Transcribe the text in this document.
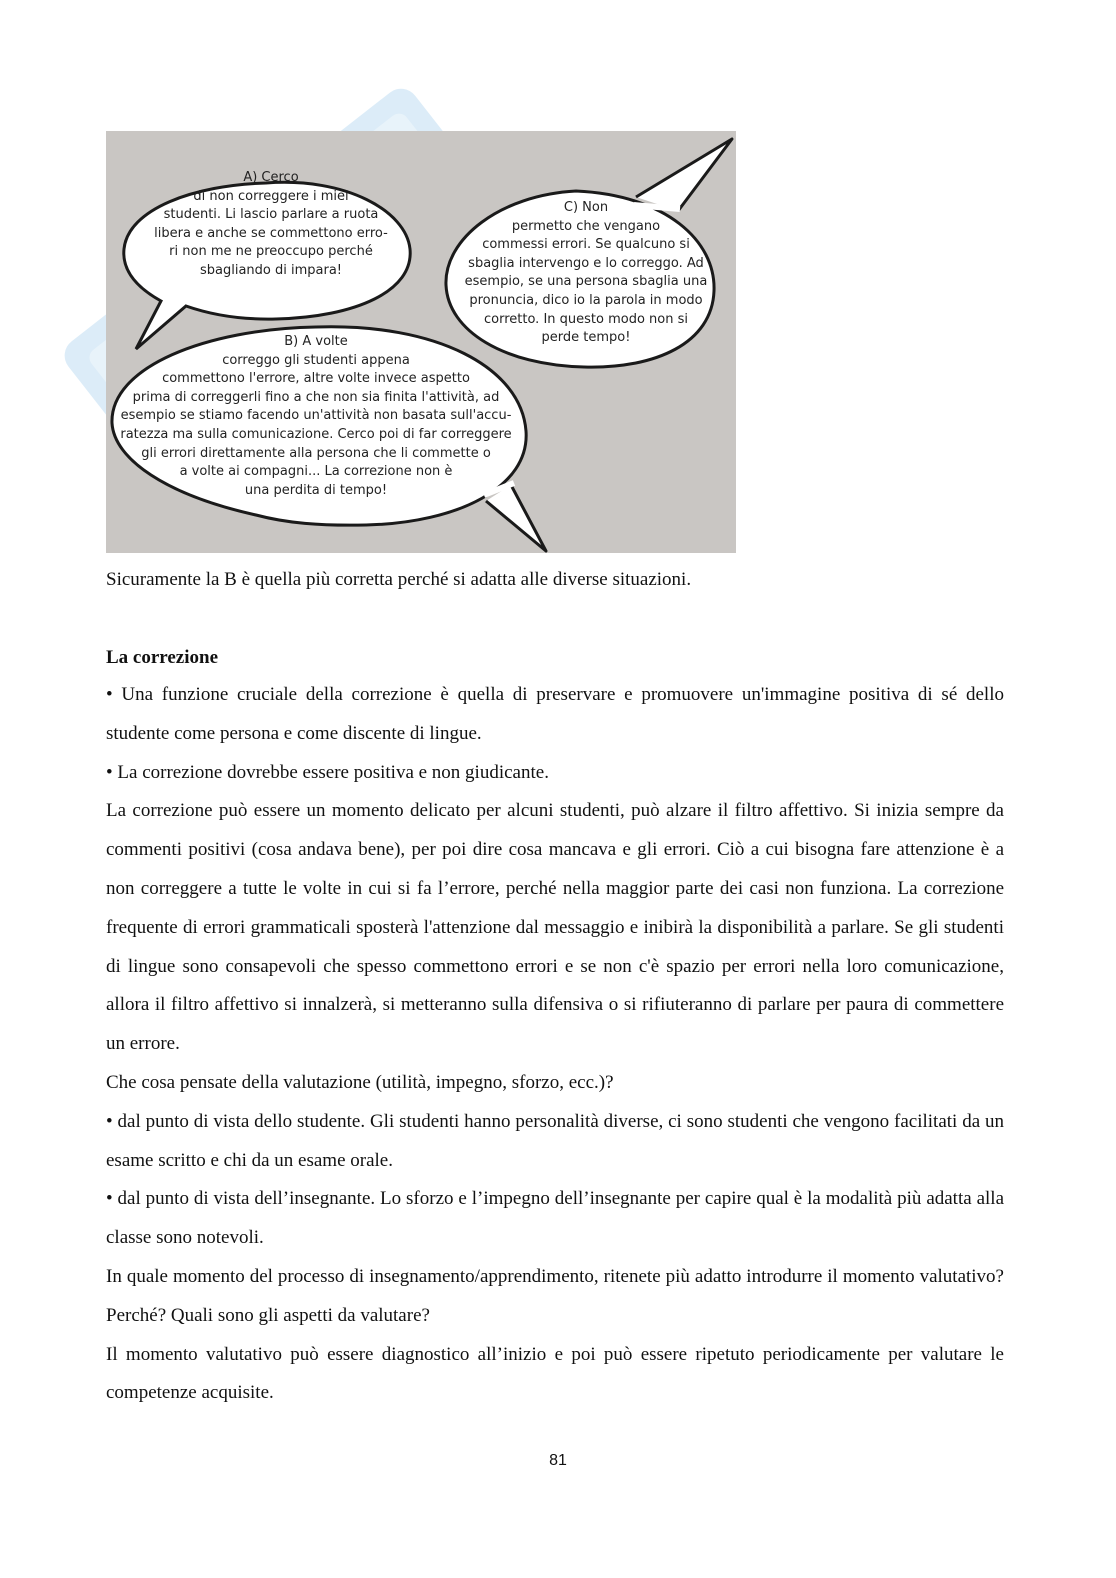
A) Cerco
di non correggere i miei
studenti. Li lascio parlare a ruota
libera e anche se commettono erro-
ri non me ne preoccupo perché
sbagliando di impara!
C) Non
permetto che vengano
commessi errori. Se qualcuno si
sbaglia intervengo e lo correggo. Ad
esempio, se una persona sbaglia una
pronuncia, dico io la parola in modo
corretto. In questo modo non si
perde tempo!
B) A volte
correggo gli studenti appena
commettono l'errore, altre volte invece aspetto
prima di correggerli fino a che non sia finita l'attività, ad
esempio se stiamo facendo un'attività non basata sull'accu-
ratezza ma sulla comunicazione. Cerco poi di far correggere
gli errori direttamente alla persona che li commette o
a volte ai compagni... La correzione non è
una perdita di tempo!
Sicuramente la B è quella più corretta perché si adatta alle diverse situazioni.
La correzione

• Una funzione cruciale della correzione è quella di preservare e promuovere un'immagine positiva di sé dello studente come persona e come discente di lingue.

• La correzione dovrebbe essere positiva e non giudicante.

La correzione può essere un momento delicato per alcuni studenti, può alzare il filtro affettivo. Si inizia sempre da commenti positivi (cosa andava bene), per poi dire cosa mancava e gli errori. Ciò a cui bisogna fare attenzione è a non correggere a tutte le volte in cui si fa l’errore, perché nella maggior parte dei casi non funziona. La correzione frequente di errori grammaticali sposterà l'attenzione dal messaggio e inibirà la disponibilità a parlare. Se gli studenti di lingue sono consapevoli che spesso commettono errori e se non c'è spazio per errori nella loro comunicazione, allora il filtro affettivo si innalzerà, si metteranno sulla difensiva o si rifiuteranno di parlare per paura di commettere un errore.

Che cosa pensate della valutazione (utilità, impegno, sforzo, ecc.)?

• dal punto di vista dello studente. Gli studenti hanno personalità diverse, ci sono studenti che vengono facilitati da un esame scritto e chi da un esame orale.

• dal punto di vista dell’insegnante. Lo sforzo e l’impegno dell’insegnante per capire qual è la modalità più adatta alla classe sono notevoli.

In quale momento del processo di insegnamento/apprendimento, ritenete più adatto introdurre il momento valutativo? Perché? Quali sono gli aspetti da valutare?

Il momento valutativo può essere diagnostico all’inizio e poi può essere ripetuto periodicamente per valutare le competenze acquisite.

81
